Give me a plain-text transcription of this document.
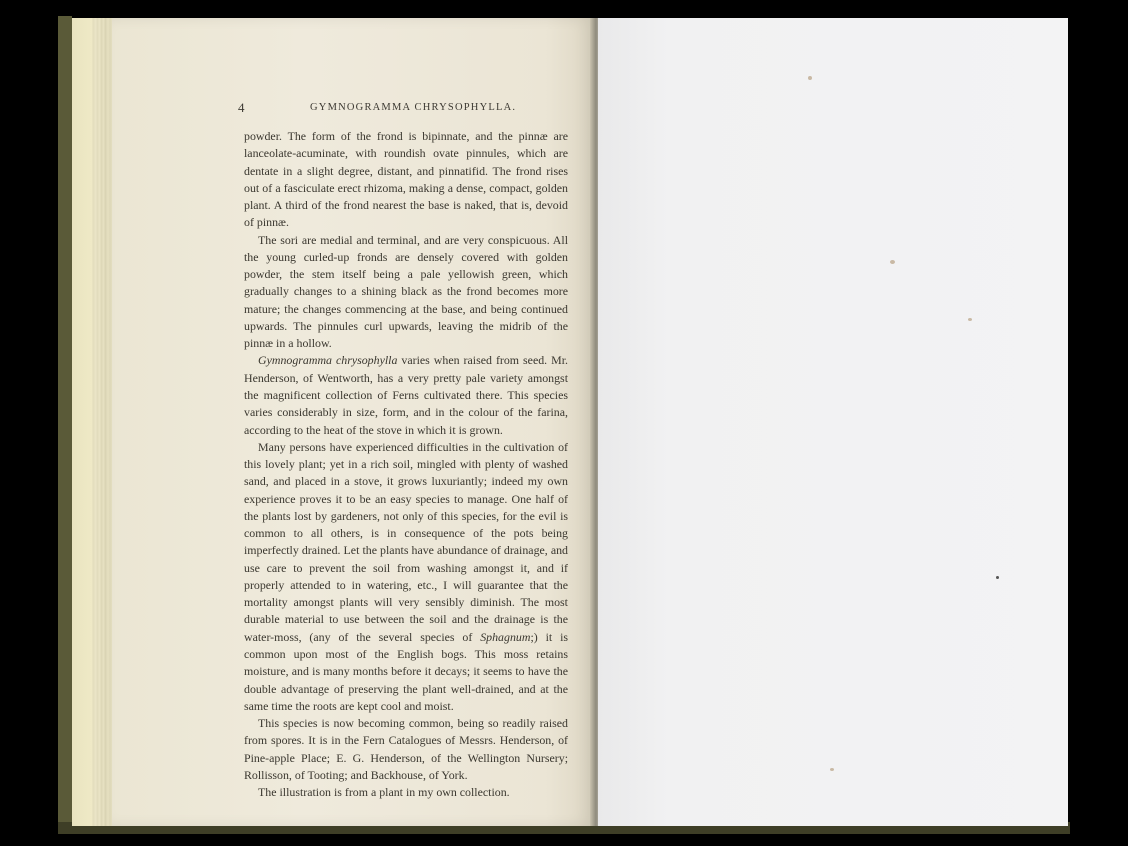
4	GYMNOGRAMMA CHRYSOPHYLLA.

powder. The form of the frond is bipinnate, and the pinnæ are lanceolate-acuminate, with roundish ovate pinnules, which are dentate in a slight degree, distant, and pinnatifid. The frond rises out of a fasciculate erect rhizoma, making a dense, compact, golden plant. A third of the frond nearest the base is naked, that is, devoid of pinnæ.

The sori are medial and terminal, and are very conspicuous. All the young curled-up fronds are densely covered with golden powder, the stem itself being a pale yellowish green, which gradually changes to a shining black as the frond becomes more mature; the changes commencing at the base, and being continued upwards. The pinnules curl upwards, leaving the midrib of the pinnæ in a hollow.

Gymnogramma chrysophylla varies when raised from seed. Mr. Henderson, of Wentworth, has a very pretty pale variety amongst the magnificent collection of Ferns cultivated there. This species varies considerably in size, form, and in the colour of the farina, according to the heat of the stove in which it is grown.

Many persons have experienced difficulties in the cultivation of this lovely plant; yet in a rich soil, mingled with plenty of washed sand, and placed in a stove, it grows luxuriantly; indeed my own experience proves it to be an easy species to manage. One half of the plants lost by gardeners, not only of this species, for the evil is common to all others, is in consequence of the pots being imperfectly drained. Let the plants have abundance of drainage, and use care to prevent the soil from washing amongst it, and if properly attended to in watering, etc., I will guarantee that the mortality amongst plants will very sensibly diminish. The most durable material to use between the soil and the drainage is the water-moss, (any of the several species of Sphagnum;) it is common upon most of the English bogs. This moss retains moisture, and is many months before it decays; it seems to have the double advantage of preserving the plant well-drained, and at the same time the roots are kept cool and moist.

This species is now becoming common, being so readily raised from spores. It is in the Fern Catalogues of Messrs. Henderson, of Pine-apple Place; E. G. Henderson, of the Wellington Nursery; Rollisson, of Tooting; and Backhouse, of York.

The illustration is from a plant in my own collection.
